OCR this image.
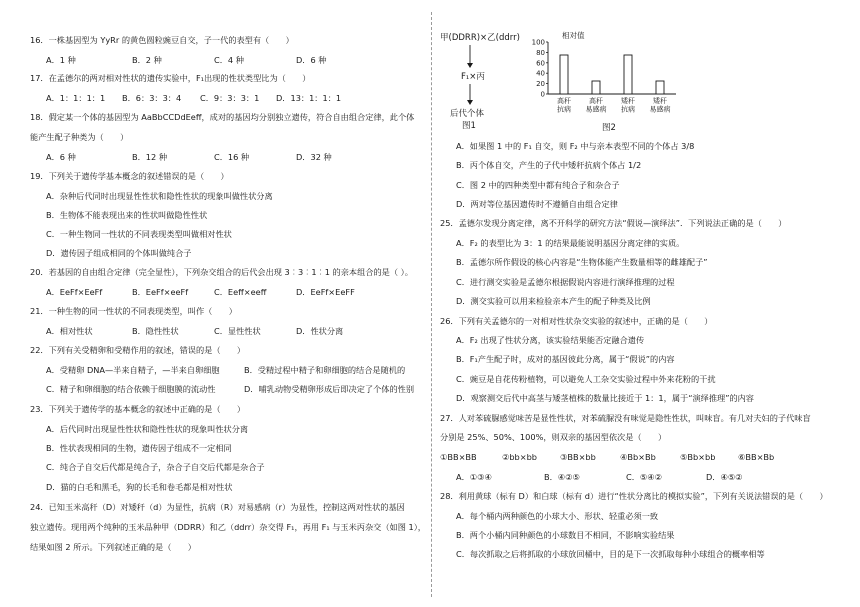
16．一株基因型为 YyRr 的黄色圆粒豌豆自交，子一代的表型有（　　）
A．1 种	B．2 种	C．4 种	D．6 种
17．在孟德尔的两对相对性状的遗传实验中，F₁出现的性状类型比为（　　）
A．1：1：1：1 B．6：3：3：4 C．9：3：3：1 D．13：1：1：1
18．假定某一个体的基因型为 AaBbCCDdEeff，成对的基因均分别独立遗传，符合自由组合定律，此个体
能产生配子种类为（　　）
A．6 种	B．12 种	C．16 种	D．32 种
19．下列关于遗传学基本概念的叙述错误的是（　　）
A．杂种后代同时出现显性性状和隐性性状的现象叫做性状分离
B．生物体不能表现出来的性状叫做隐性性状
C．一种生物同一性状的不同表现类型叫做相对性状
D．遗传因子组成相同的个体叫做纯合子
20．若基因的自由组合定律（完全显性），下列杂交组合的后代会出现 3︰3︰1︰1 的亲本组合的是（ ）。
A．EeFf×EeFf	B．EeFf×eeFf	C．Eeff×eeff	D．EeFf×EeFF
21．一种生物的同一性状的不同表现类型，叫作（　　）
A．相对性状	B．隐性性状	C．显性性状	D．性状分离
22．下列有关受精卵和受精作用的叙述，错误的是（　　）
A．受精卵 DNA—半来自精子，—半来自卵细胞	B．受精过程中精子和卵细胞的结合是随机的
C．精子和卵细胞的结合依赖于细胞膜的流动性	D．哺乳动物受精卵形成后即决定了个体的性别
23．下列关于遗传学的基本概念的叙述中正确的是（　　）
A．后代同时出现显性性状和隐性性状的现象叫性状分离
B．性状表现相同的生物，遗传因子组成不一定相同
C．纯合子自交后代都是纯合子，杂合子自交后代都是杂合子
D．猫的白毛和黑毛，狗的长毛和卷毛都是相对性状
24．已知玉米高秆（D）对矮秆（d）为显性，抗病（R）对易感病（r）为显性，控制这两对性状的基因
独立遗传。现用两个纯种的玉米品种甲（DDRR）和乙（ddrr）杂交得 F₁，再用 F₁ 与玉米丙杂交（如图 1），
结果如图 2 所示。下列叙述正确的是（　　）
甲(DDRR)×乙(ddrr)
F₁×丙
后代个体
图1
相对值
100
80
60
40
20
0
高秆
抗病
高秆
易感病
矮秆
抗病
矮秆
易感病
图2
A．如果图 1 中的 F₁ 自交，则 F₂ 中与亲本表型不同的个体占 3/8
B．丙个体自交，产生的子代中矮秆抗病个体占 1/2
C．图 2 中的四种类型中都有纯合子和杂合子
D．两对等位基因遗传时不遵循自由组合定律
25．孟德尔发现分离定律，离不开科学的研究方法“假说—演绎法”．下列说法正确的是（　　）
A．F₂ 的表型比为 3：1 的结果最能说明基因分离定律的实质。
B．孟德尔所作假设的核心内容是“生物体能产生数量相等的雌雄配子”
C．进行测交实验是孟德尔根据假说内容进行演绎推理的过程
D．测交实验可以用来检验亲本产生的配子种类及比例
26．下列有关孟德尔的一对相对性状杂交实验的叙述中，正确的是（　　）
A．F₂ 出现了性状分离，该实验结果能否定融合遗传
B．F₁产生配子时，成对的基因彼此分离，属于“假说”的内容
C．豌豆是自花传粉植物，可以避免人工杂交实验过程中外来花粉的干扰
D．观察测交后代中高茎与矮茎植株的数量比接近于 1：1，属于“演绎推理”的内容
27．人对苯硫脲感觉味苦是显性性状，对苯硫脲没有味觉是隐性性状，叫味盲。有几对夫妇的子代味盲
分别是 25%、50%、100%，则双亲的基因型依次是（　　）
①BB×BB	②bb×bb	③BB×bb	④Bb×Bb	⑤Bb×bb	⑥BB×Bb
A．①③④	B．④②⑤	C．⑤④②	D．④⑤②
28．利用黄球（标有 D）和白球（标有 d）进行“性状分离比的模拟实验”，下列有关说法错误的是（　　）
A．每个桶内两种颜色的小球大小、形状、轻重必须一致
B．两个小桶内同种颜色的小球数目不相同，不影响实验结果
C．每次抓取之后将抓取的小球放回桶中，目的是下一次抓取每种小球组合的概率相等
